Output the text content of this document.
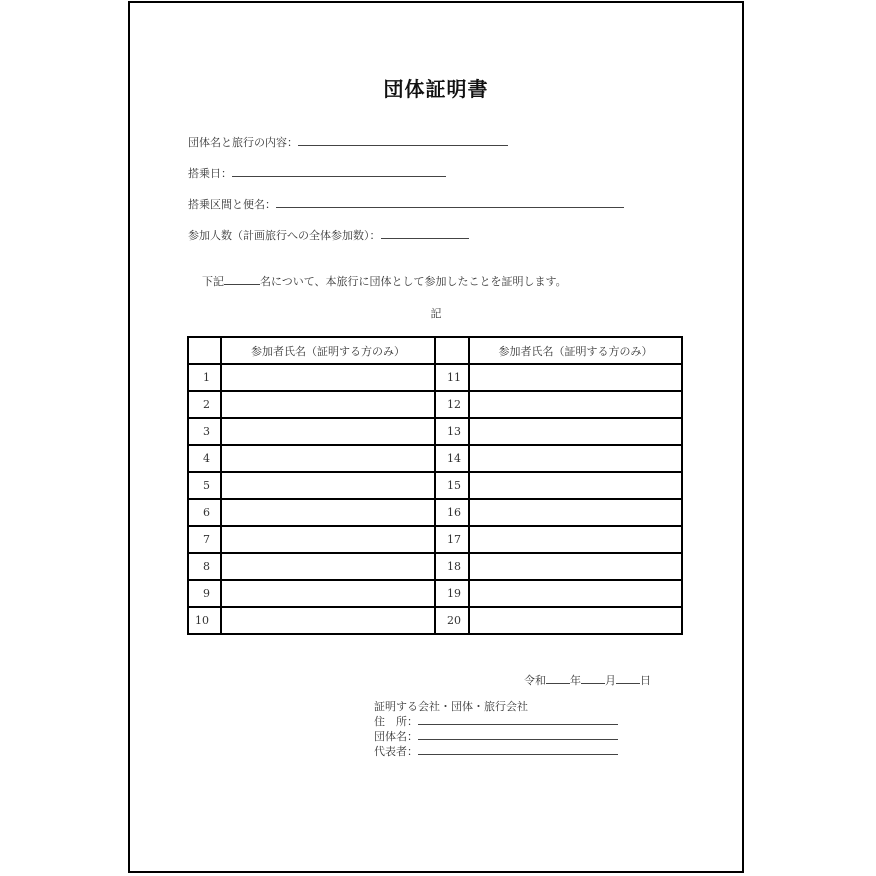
団体証明書
団体名と旅行の内容：
搭乗日：
搭乗区間と便名：
参加人数（計画旅行への全体参加数）：
下記	名について、本旅行に団体として参加したことを証明します。
記
	参加者氏名（証明する方のみ）		参加者氏名（証明する方のみ）
1		11	
2		12	
3		13	
4		14	
5		15	
6		16	
7		17	
8		18	
9		19	
10		20	
令和 年 月 日
証明する会社・団体・旅行会社
住　所：
団体名：
代表者：
